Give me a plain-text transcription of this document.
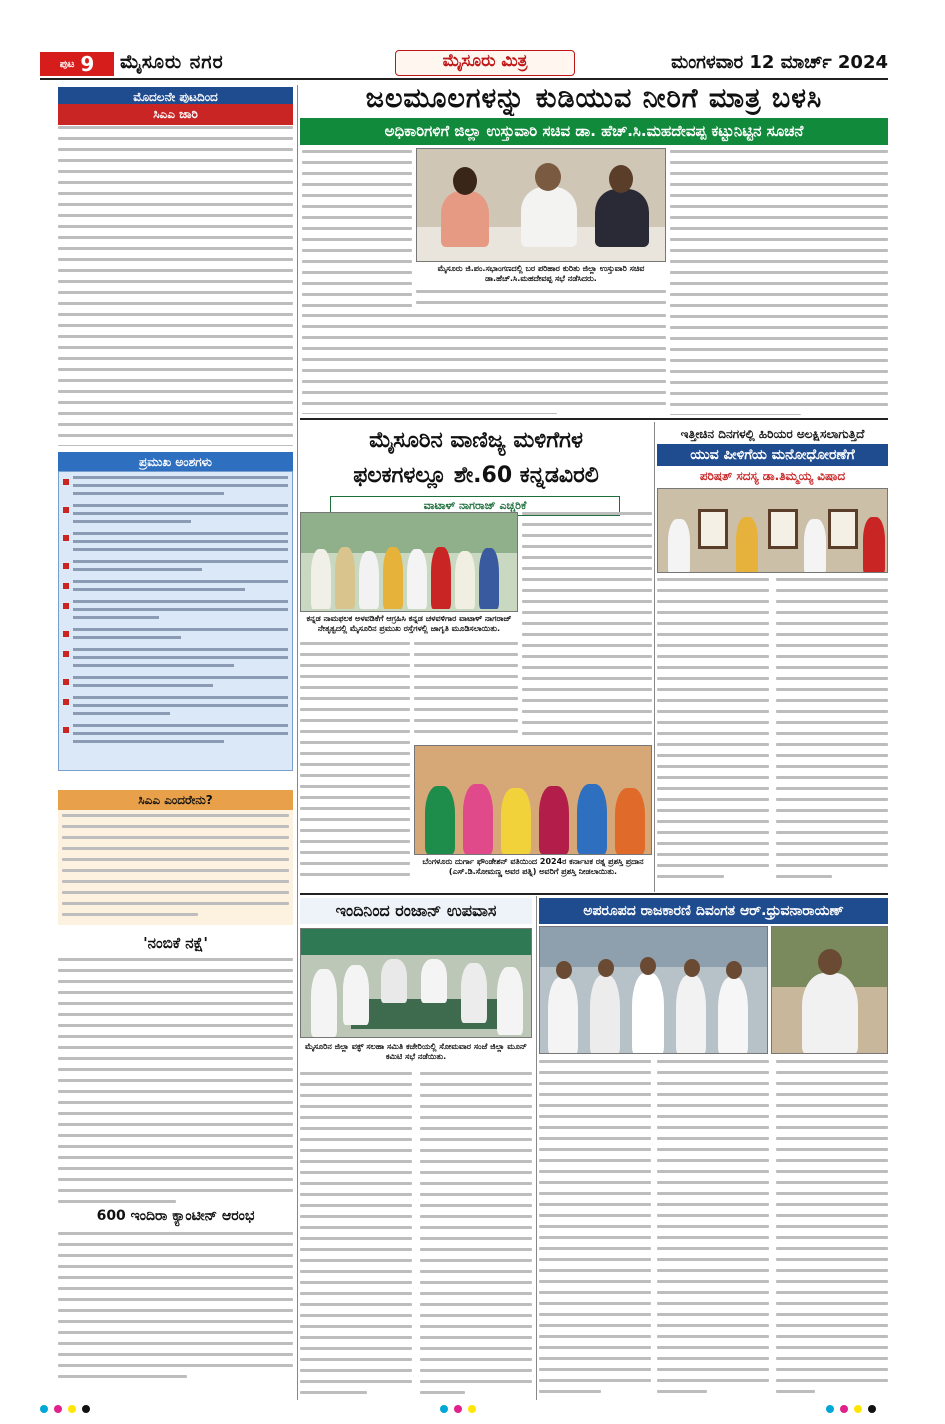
ಪುಟ 9 ಮೈಸೂರು ನಗರ	ಮೈಸೂರು ಮಿತ್ರ	ಮಂಗಳವಾರ 12 ಮಾರ್ಚ್ 2024
ಮೊದಲನೇ ಪುಟದಿಂದ
ಸಿಎಎ ಜಾರಿ
ಪ್ರಮುಖ ಅಂಶಗಳು
ಸಿಎಎ ಎಂದರೇನು?
'ನಂಬಿಕೆ ನಕ್ಷೆ'
600 ಇಂದಿರಾ ಕ್ಯಾಂಟೀನ್ ಆರಂಭ
ಜಲಮೂಲಗಳನ್ನು ಕುಡಿಯುವ ನೀರಿಗೆ ಮಾತ್ರ ಬಳಸಿ
ಅಧಿಕಾರಿಗಳಿಗೆ ಜಿಲ್ಲಾ ಉಸ್ತುವಾರಿ ಸಚಿವ ಡಾ. ಹೆಚ್.ಸಿ.ಮಹದೇವಪ್ಪ ಕಟ್ಟುನಿಟ್ಟಿನ ಸೂಚನೆ
ಮೈಸೂರು ಜಿ.ಪಂ.ಸಭಾಂಗಣದಲ್ಲಿ ಬರ ಪರಿಹಾರ ಕುರಿತು ಜಿಲ್ಲಾ ಉಸ್ತುವಾರಿ ಸಚಿವ ಡಾ.ಹೆಚ್.ಸಿ.ಮಹದೇವಪ್ಪ ಸಭೆ ನಡೆಸಿದರು.
ಮೈಸೂರಿನ ವಾಣಿಜ್ಯ ಮಳಿಗೆಗಳ
ಫಲಕಗಳಲ್ಲೂ ಶೇ.60 ಕನ್ನಡವಿರಲಿ
ವಾಟಾಳ್ ನಾಗರಾಜ್ ಎಚ್ಚರಿಕೆ
ಕನ್ನಡ ನಾಮಫಲಕ ಅಳವಡಿಕೆಗೆ ಆಗ್ರಹಿಸಿ ಕನ್ನಡ ಚಳವಳಿಗಾರ ವಾಟಾಳ್ ನಾಗರಾಜ್ ನೇತೃತ್ವದಲ್ಲಿ ಮೈಸೂರಿನ ಪ್ರಮುಖ ರಸ್ತೆಗಳಲ್ಲಿ ಜಾಗೃತಿ ಮೂಡಿಸಲಾಯಿತು.
ಬೆಂಗಳೂರು ದುರ್ಗಾ ಫೌಂಡೇಶನ್ ವತಿಯಿಂದ 2024ರ ಕರ್ನಾಟಕ ರತ್ನ ಪ್ರಶಸ್ತಿ ಪ್ರದಾನ (ಎಸ್.ಡಿ.ಸೋಮಣ್ಣ ಅವರ ಪತ್ನಿ) ಅವರಿಗೆ ಪ್ರಶಸ್ತಿ ನೀಡಲಾಯಿತು.
ಇತ್ತೀಚಿನ ದಿನಗಳಲ್ಲಿ ಹಿರಿಯರ ಅಲಕ್ಷಿಸಲಾಗುತ್ತಿದೆ
ಯುವ ಪೀಳಿಗೆಯ ಮನೋಧೋರಣೆಗೆ
ಪರಿಷತ್ ಸದಸ್ಯ ಡಾ.ತಿಮ್ಮಯ್ಯ ವಿಷಾದ
ಇಂದಿನಿಂದ ರಂಜಾನ್ ಉಪವಾಸ
ಮೈಸೂರಿನ ಜಿಲ್ಲಾ ವಕ್ಫ್ ಸಲಹಾ ಸಮಿತಿ ಕಚೇರಿಯಲ್ಲಿ ಸೋಮವಾರ ಸಂಜೆ ಜಿಲ್ಲಾ ಮೂನ್ ಕಮಿಟಿ ಸಭೆ ನಡೆಯಿತು.
ಅಪರೂಪದ ರಾಜಕಾರಣಿ ದಿವಂಗತ ಆರ್.ಧ್ರುವನಾರಾಯಣ್
